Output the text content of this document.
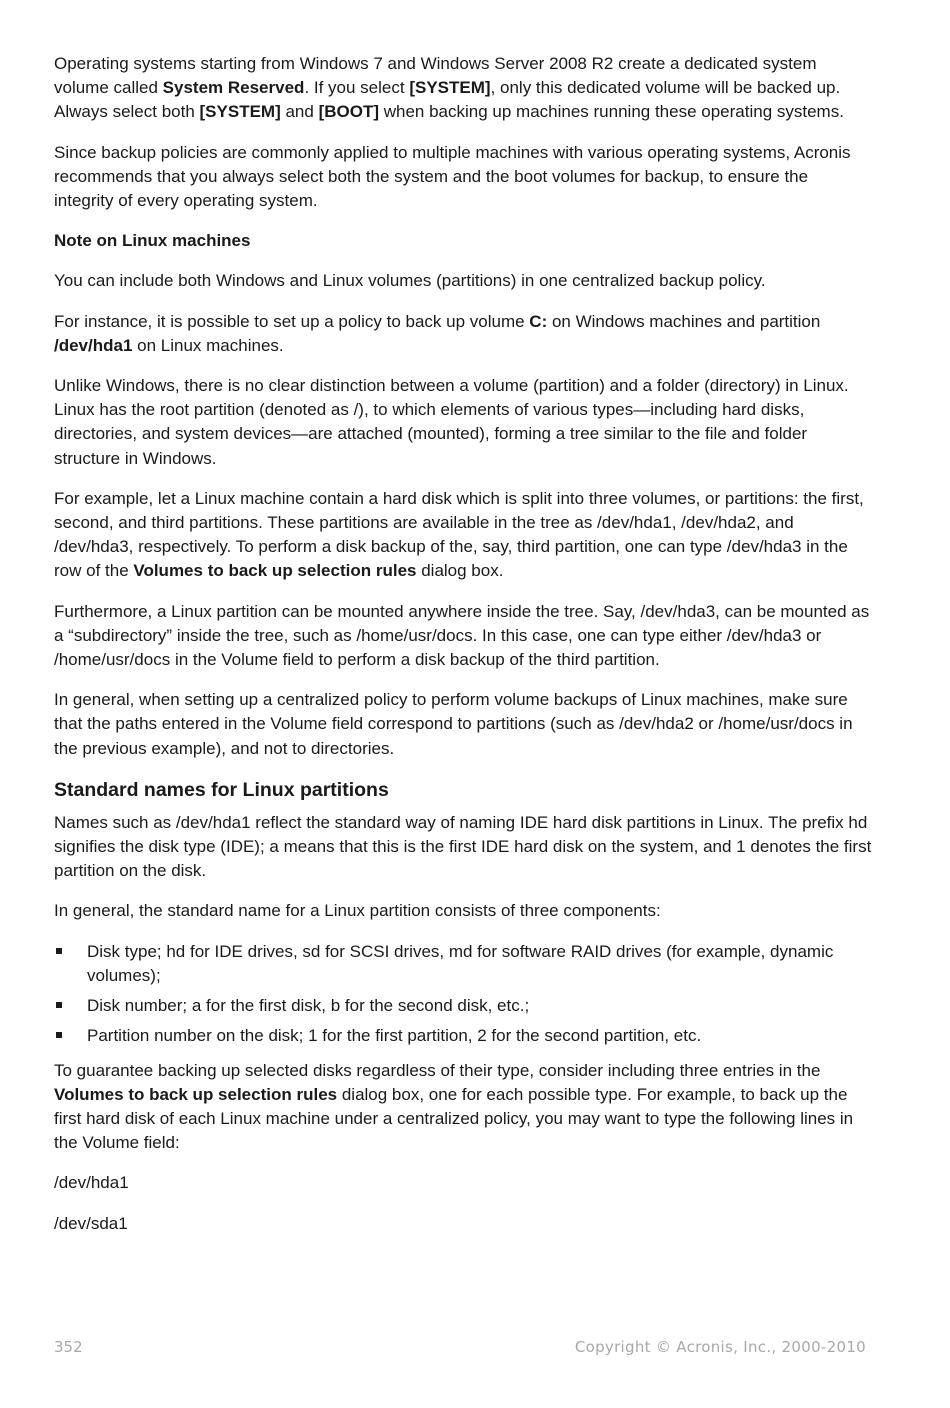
Operating systems starting from Windows 7 and Windows Server 2008 R2 create a dedicated system volume called System Reserved. If you select [SYSTEM], only this dedicated volume will be backed up. Always select both [SYSTEM] and [BOOT] when backing up machines running these operating systems.

Since backup policies are commonly applied to multiple machines with various operating systems, Acronis recommends that you always select both the system and the boot volumes for backup, to ensure the integrity of every operating system.

Note on Linux machines

You can include both Windows and Linux volumes (partitions) in one centralized backup policy.

For instance, it is possible to set up a policy to back up volume C: on Windows machines and partition /dev/hda1 on Linux machines.

Unlike Windows, there is no clear distinction between a volume (partition) and a folder (directory) in Linux. Linux has the root partition (denoted as /), to which elements of various types—including hard disks, directories, and system devices—are attached (mounted), forming a tree similar to the file and folder structure in Windows.

For example, let a Linux machine contain a hard disk which is split into three volumes, or partitions: the first, second, and third partitions. These partitions are available in the tree as /dev/hda1, /dev/hda2, and /dev/hda3, respectively. To perform a disk backup of the, say, third partition, one can type /dev/hda3 in the row of the Volumes to back up selection rules dialog box.

Furthermore, a Linux partition can be mounted anywhere inside the tree. Say, /dev/hda3, can be mounted as a “subdirectory” inside the tree, such as /home/usr/docs. In this case, one can type either /dev/hda3 or /home/usr/docs in the Volume field to perform a disk backup of the third partition.

In general, when setting up a centralized policy to perform volume backups of Linux machines, make sure that the paths entered in the Volume field correspond to partitions (such as /dev/hda2 or /home/usr/docs in the previous example), and not to directories.

Standard names for Linux partitions

Names such as /dev/hda1 reflect the standard way of naming IDE hard disk partitions in Linux. The prefix hd signifies the disk type (IDE); a means that this is the first IDE hard disk on the system, and 1 denotes the first partition on the disk.

In general, the standard name for a Linux partition consists of three components:

Disk type; hd for IDE drives, sd for SCSI drives, md for software RAID drives (for example, dynamic volumes);
Disk number; a for the first disk, b for the second disk, etc.;
Partition number on the disk; 1 for the first partition, 2 for the second partition, etc.

To guarantee backing up selected disks regardless of their type, consider including three entries in the Volumes to back up selection rules dialog box, one for each possible type. For example, to back up the first hard disk of each Linux machine under a centralized policy, you may want to type the following lines in the Volume field:

/dev/hda1

/dev/sda1

352	Copyright © Acronis, Inc., 2000-2010
